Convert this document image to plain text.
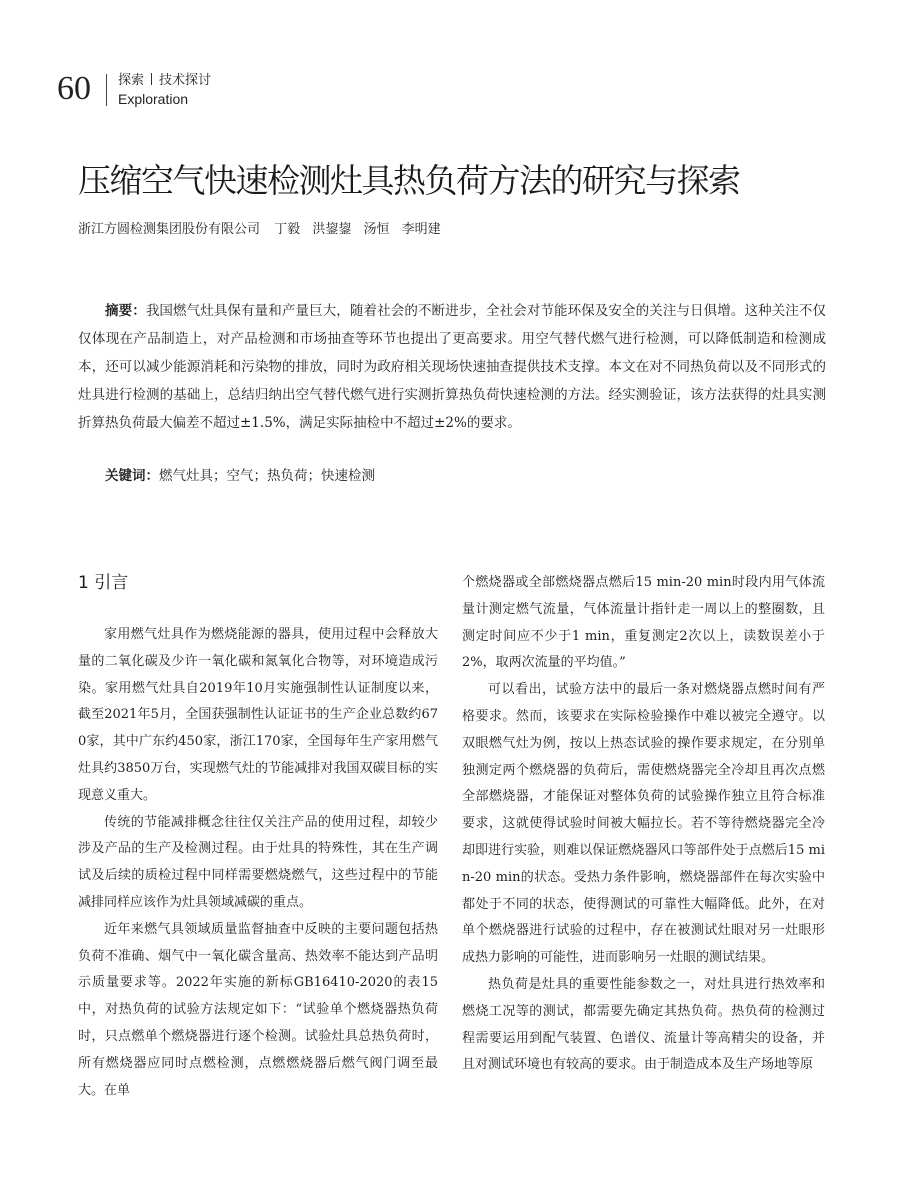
60 探索 技术探讨
Exploration
压缩空气快速检测灶具热负荷方法的研究与探索
浙江方圆检测集团股份有限公司 丁毅 洪鋆鋆 汤恒 李明建
摘要：我国燃气灶具保有量和产量巨大，随着社会的不断进步，全社会对节能环保及安全的关注与日俱增。这种关注不仅仅体现在产品制造上，对产品检测和市场抽查等环节也提出了更高要求。用空气替代燃气进行检测，可以降低制造和检测成本，还可以减少能源消耗和污染物的排放，同时为政府相关现场快速抽查提供技术支撑。本文在对不同热负荷以及不同形式的灶具进行检测的基础上，总结归纳出空气替代燃气进行实测折算热负荷快速检测的方法。经实测验证，该方法获得的灶具实测折算热负荷最大偏差不超过±1.5%，满足实际抽检中不超过±2%的要求。
关键词：燃气灶具；空气；热负荷；快速检测
1 引言

家用燃气灶具作为燃烧能源的器具，使用过程中会释放大量的二氧化碳及少许一氧化碳和氮氧化合物等，对环境造成污染。家用燃气灶具自2019年10月实施强制性认证制度以来，截至2021年5月，全国获强制性认证证书的生产企业总数约670家，其中广东约450家，浙江170家，全国每年生产家用燃气灶具约3850万台，实现燃气灶的节能减排对我国双碳目标的实现意义重大。

传统的节能减排概念往往仅关注产品的使用过程，却较少涉及产品的生产及检测过程。由于灶具的特殊性，其在生产调试及后续的质检过程中同样需要燃烧燃气，这些过程中的节能减排同样应该作为灶具领域减碳的重点。

近年来燃气具领域质量监督抽查中反映的主要问题包括热负荷不准确、烟气中一氧化碳含量高、热效率不能达到产品明示质量要求等。2022年实施的新标GB16410-2020的表15中，对热负荷的试验方法规定如下：“试验单个燃烧器热负荷时，只点燃单个燃烧器进行逐个检测。试验灶具总热负荷时，所有燃烧器应同时点燃检测，点燃燃烧器后燃气阀门调至最大。在单

个燃烧器或全部燃烧器点燃后15 min-20 min时段内用气体流量计测定燃气流量，气体流量计指针走一周以上的整圈数，且测定时间应不少于1 min，重复测定2次以上，读数误差小于2%，取两次流量的平均值。”

可以看出，试验方法中的最后一条对燃烧器点燃时间有严格要求。然而，该要求在实际检验操作中难以被完全遵守。以双眼燃气灶为例，按以上热态试验的操作要求规定，在分别单独测定两个燃烧器的负荷后，需使燃烧器完全冷却且再次点燃全部燃烧器，才能保证对整体负荷的试验操作独立且符合标准要求，这就使得试验时间被大幅拉长。若不等待燃烧器完全冷却即进行实验，则难以保证燃烧器风口等部件处于点燃后15 min-20 min的状态。受热力条件影响，燃烧器部件在每次实验中都处于不同的状态，使得测试的可靠性大幅降低。此外，在对单个燃烧器进行试验的过程中，存在被测试灶眼对另一灶眼形成热力影响的可能性，进而影响另一灶眼的测试结果。

热负荷是灶具的重要性能参数之一，对灶具进行热效率和燃烧工况等的测试，都需要先确定其热负荷。热负荷的检测过程需要运用到配气装置、色谱仪、流量计等高精尖的设备，并且对测试环境也有较高的要求。由于制造成本及生产场地等原
